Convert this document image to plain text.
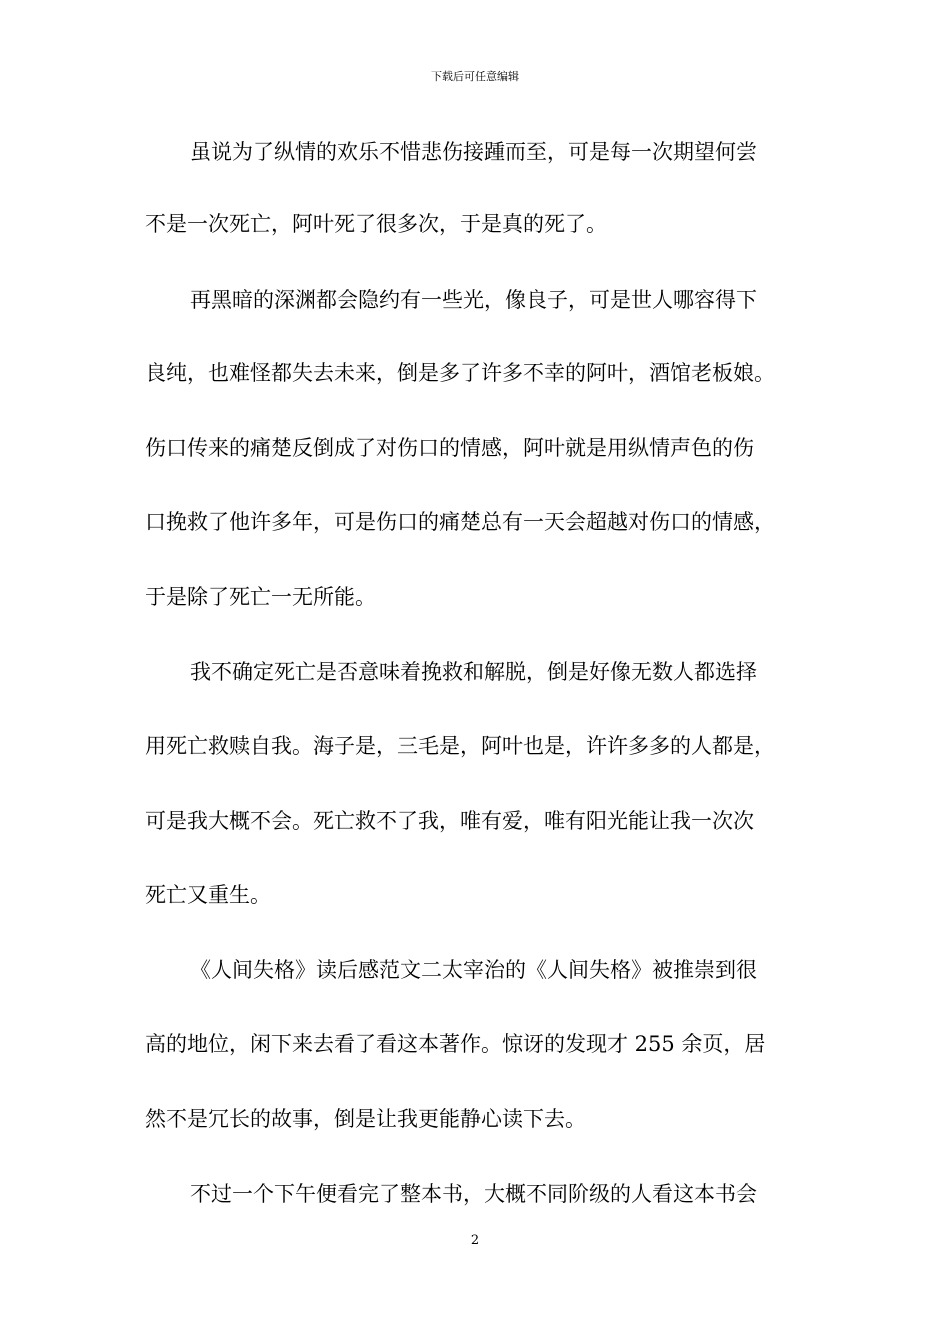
下载后可任意编辑
虽说为了纵情的欢乐不惜悲伤接踵而至，可是每一次期望何尝
不是一次死亡，阿叶死了很多次，于是真的死了。
再黑暗的深渊都会隐约有一些光，像良子，可是世人哪容得下
良纯，也难怪都失去未来，倒是多了许多不幸的阿叶，酒馆老板娘。
伤口传来的痛楚反倒成了对伤口的情感，阿叶就是用纵情声色的伤
口挽救了他许多年，可是伤口的痛楚总有一天会超越对伤口的情感，
于是除了死亡一无所能。
我不确定死亡是否意味着挽救和解脱，倒是好像无数人都选择
用死亡救赎自我。海子是，三毛是，阿叶也是，许许多多的人都是，
可是我大概不会。死亡救不了我，唯有爱，唯有阳光能让我一次次
死亡又重生。
《人间失格》读后感范文二太宰治的《人间失格》被推崇到很
高的地位，闲下来去看了看这本著作。惊讶的发现才 255 余页，居
然不是冗长的故事，倒是让我更能静心读下去。
不过一个下午便看完了整本书，大概不同阶级的人看这本书会
2
